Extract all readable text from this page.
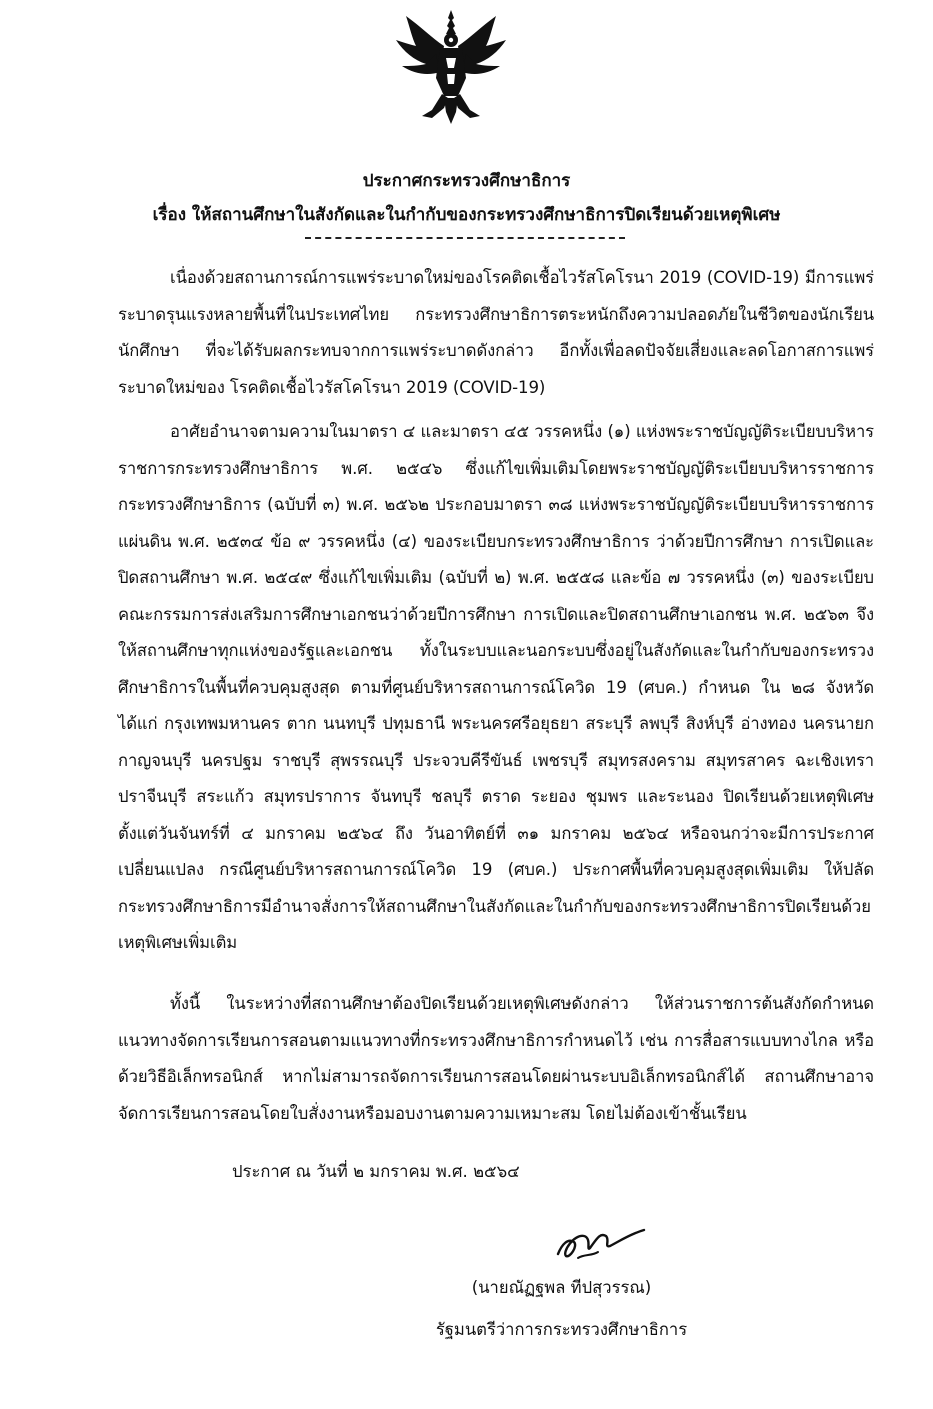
ประกาศกระทรวงศึกษาธิการ
เรื่อง ให้สถานศึกษาในสังกัดและในกำกับของกระทรวงศึกษาธิการปิดเรียนด้วยเหตุพิเศษ
เนื่องด้วยสถานการณ์การแพร่ระบาดใหม่ของโรคติดเชื้อไวรัสโคโรนา 2019 (COVID-19) มีการแพร่ระบาดรุนแรงหลายพื้นที่ในประเทศไทย กระทรวงศึกษาธิการตระหนักถึงความปลอดภัยในชีวิตของนักเรียน นักศึกษา ที่จะได้รับผลกระทบจากการแพร่ระบาดดังกล่าว อีกทั้งเพื่อลดปัจจัยเสี่ยงและลดโอกาสการแพร่ระบาดใหม่ของ โรคติดเชื้อไวรัสโคโรนา 2019 (COVID-19)
อาศัยอำนาจตามความในมาตรา ๔ และมาตรา ๔๕ วรรคหนึ่ง (๑) แห่งพระราชบัญญัติระเบียบบริหารราชการกระทรวงศึกษาธิการ พ.ศ. ๒๕๔๖ ซึ่งแก้ไขเพิ่มเติมโดยพระราชบัญญัติระเบียบบริหารราชการกระทรวงศึกษาธิการ (ฉบับที่ ๓) พ.ศ. ๒๕๖๒ ประกอบมาตรา ๓๘ แห่งพระราชบัญญัติระเบียบบริหารราชการแผ่นดิน พ.ศ. ๒๕๓๔ ข้อ ๙ วรรคหนึ่ง (๔) ของระเบียบกระทรวงศึกษาธิการ ว่าด้วยปีการศึกษา การเปิดและปิดสถานศึกษา พ.ศ. ๒๕๔๙ ซึ่งแก้ไขเพิ่มเติม (ฉบับที่ ๒) พ.ศ. ๒๕๕๘ และข้อ ๗ วรรคหนึ่ง (๓) ของระเบียบคณะกรรมการส่งเสริมการศึกษาเอกชนว่าด้วยปีการศึกษา การเปิดและปิดสถานศึกษาเอกชน พ.ศ. ๒๕๖๓ จึงให้สถานศึกษาทุกแห่งของรัฐและเอกชน ทั้งในระบบและนอกระบบซึ่งอยู่ในสังกัดและในกำกับของกระทรวงศึกษาธิการในพื้นที่ควบคุมสูงสุด ตามที่ศูนย์บริหารสถานการณ์โควิด 19 (ศบค.) กำหนด ใน ๒๘ จังหวัด ได้แก่ กรุงเทพมหานคร ตาก นนทบุรี ปทุมธานี พระนครศรีอยุธยา สระบุรี ลพบุรี สิงห์บุรี อ่างทอง นครนายก กาญจนบุรี นครปฐม ราชบุรี สุพรรณบุรี ประจวบคีรีขันธ์ เพชรบุรี สมุทรสงคราม สมุทรสาคร ฉะเชิงเทรา ปราจีนบุรี สระแก้ว สมุทรปราการ จันทบุรี ชลบุรี ตราด ระยอง ชุมพร และระนอง ปิดเรียนด้วยเหตุพิเศษ ตั้งแต่วันจันทร์ที่ ๔ มกราคม ๒๕๖๔ ถึง วันอาทิตย์ที่ ๓๑ มกราคม ๒๕๖๔ หรือจนกว่าจะมีการประกาศเปลี่ยนแปลง กรณีศูนย์บริหารสถานการณ์โควิด 19 (ศบค.) ประกาศพื้นที่ควบคุมสูงสุดเพิ่มเติม ให้ปลัดกระทรวงศึกษาธิการมีอำนาจสั่งการให้สถานศึกษาในสังกัดและในกำกับของกระทรวงศึกษาธิการปิดเรียนด้วยเหตุพิเศษเพิ่มเติม
ทั้งนี้ ในระหว่างที่สถานศึกษาต้องปิดเรียนด้วยเหตุพิเศษดังกล่าว ให้ส่วนราชการต้นสังกัดกำหนดแนวทางจัดการเรียนการสอนตามแนวทางที่กระทรวงศึกษาธิการกำหนดไว้ เช่น การสื่อสารแบบทางไกล หรือด้วยวิธีอิเล็กทรอนิกส์ หากไม่สามารถจัดการเรียนการสอนโดยผ่านระบบอิเล็กทรอนิกส์ได้ สถานศึกษาอาจจัดการเรียนการสอนโดยใบสั่งงานหรือมอบงานตามความเหมาะสม โดยไม่ต้องเข้าชั้นเรียน
ประกาศ ณ วันที่ ๒ มกราคม พ.ศ. ๒๕๖๔
(นายณัฏฐพล ทีปสุวรรณ)
รัฐมนตรีว่าการกระทรวงศึกษาธิการ
